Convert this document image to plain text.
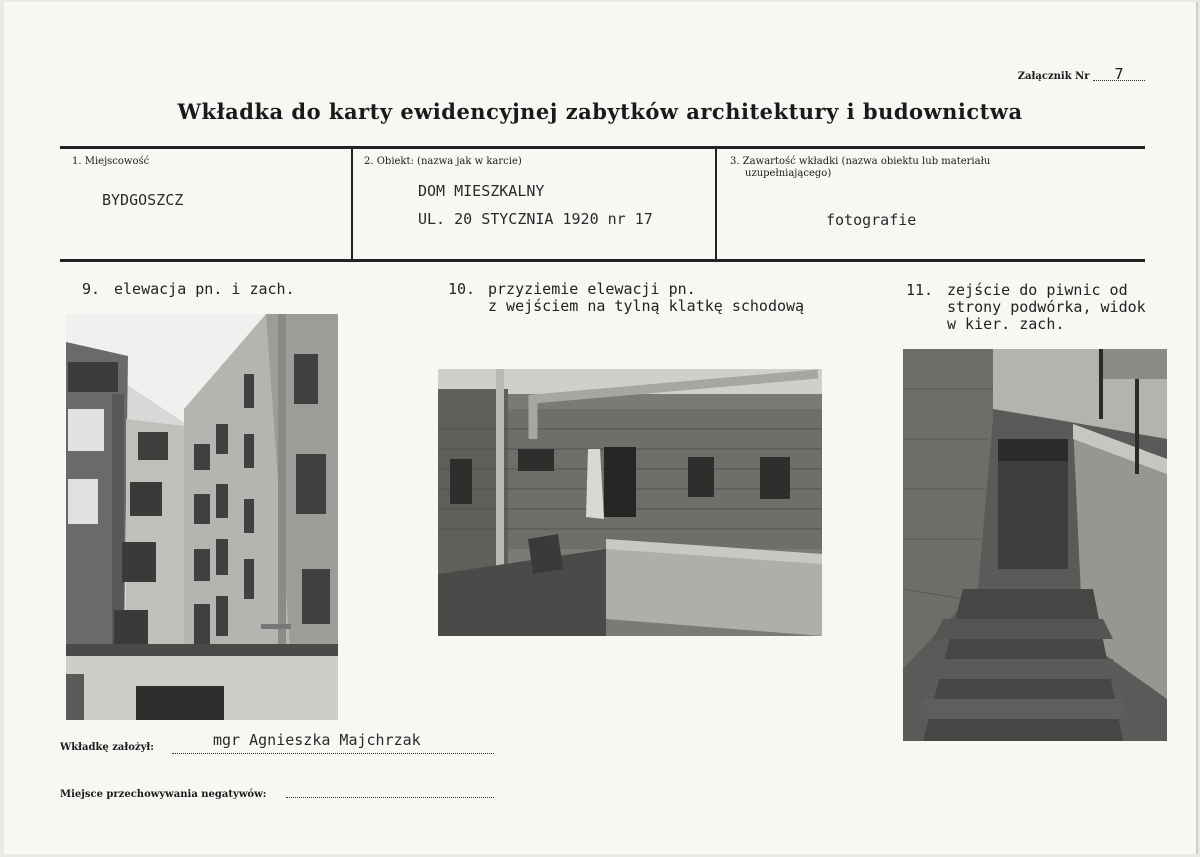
Załącznik Nr 7
Wkładka do karty ewidencyjnej zabytków architektury i budownictwa
1. Miejscowość
BYDGOSZCZ
2. Obiekt: (nazwa jak w karcie)
DOM MIESZKALNY
UL. 20 STYCZNIA 1920 nr 17
3. Zawartość wkładki (nazwa obiektu lub materiału
uzupełniającego)
fotografie
9. elewacja pn. i zach.	10. przyziemie elewacji pn.
z wejściem na tylną klatkę schodową
11. zejście do piwnic od
strony podwórka, widok
w kier. zach.
Wkładkę założył:	mgr Agnieszka Majchrzak
Miejsce przechowywania negatywów:
